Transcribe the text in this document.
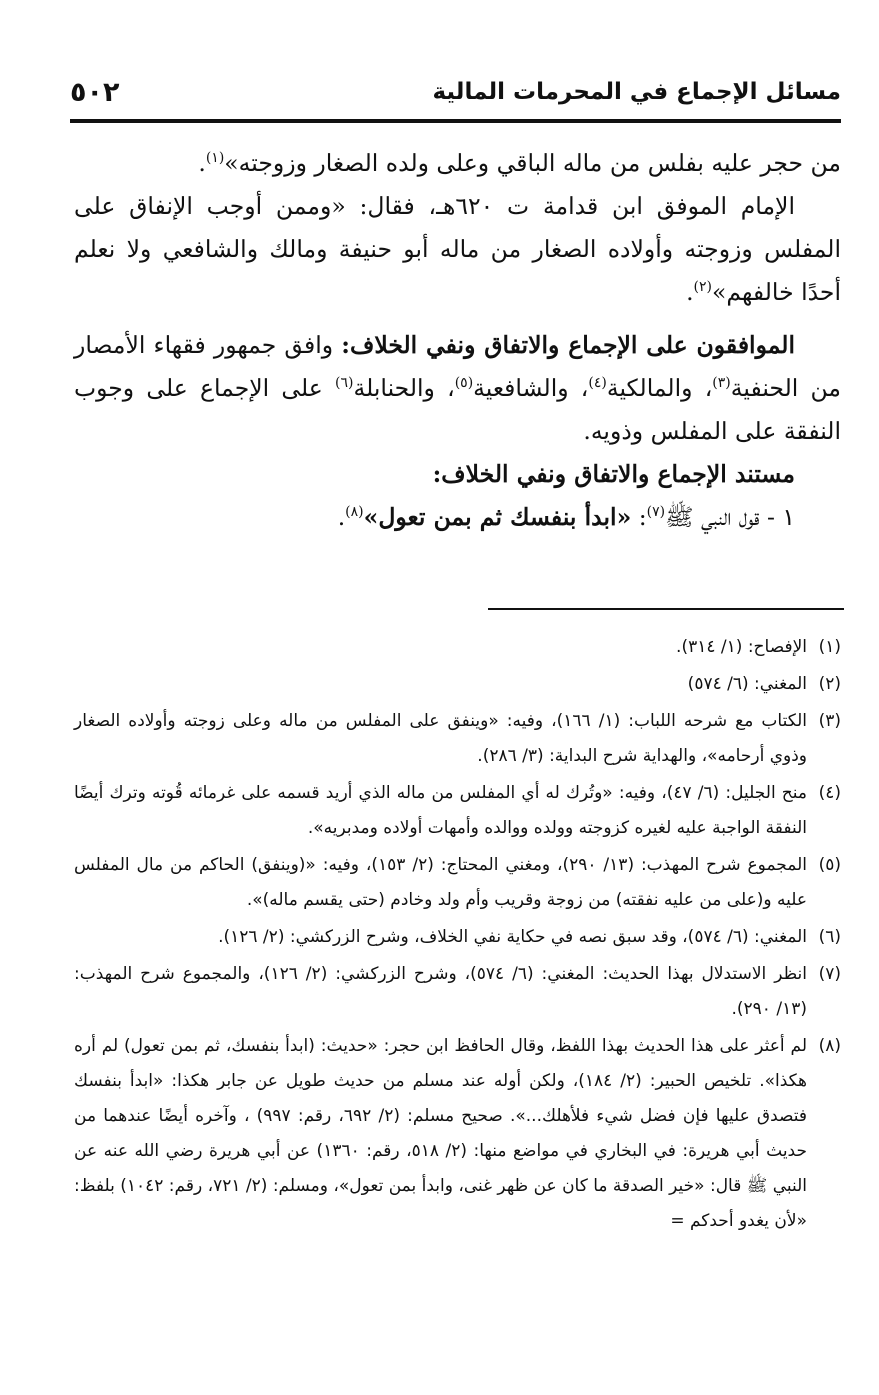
مسائل الإجماع في المحرمات المالية
٥٠٢

من حجر عليه بفلس من ماله الباقي وعلى ولده الصغار وزوجته»$^{(١)}$.

الإمام الموفق ابن قدامة ت ٦٢٠هـ، فقال: «وممن أوجب الإنفاق على المفلس وزوجته وأولاده الصغار من ماله أبو حنيفة ومالك والشافعي ولا نعلم أحدًا خالفهم»$^{(٢)}$.

الموافقون على الإجماع والاتفاق ونفي الخلاف: وافق جمهور فقهاء الأمصار من الحنفية$^{(٣)}$، والمالكية$^{(٤)}$، والشافعية$^{(٥)}$، والحنابلة$^{(٦)}$ على الإجماع على وجوب النفقة على المفلس وذويه.

مستند الإجماع والاتفاق ونفي الخلاف:

١ - قول النبي ﷺ$^{(٧)}$: «ابدأ بنفسك ثم بمن تعول»$^{(٨)}$.

(١)
الإفصاح: (١/ ٣١٤).
(٢)
المغني: (٦/ ٥٧٤)
(٣)
الكتاب مع شرحه اللباب: (١/ ١٦٦)، وفيه: «وينفق على المفلس من ماله وعلى زوجته وأولاده الصغار وذوي أرحامه»، والهداية شرح البداية: (٣/ ٢٨٦).
(٤)
منح الجليل: (٦/ ٤٧)، وفيه: «وتُرك له أي المفلس من ماله الذي أريد قسمه على غرمائه قُوته وترك أيضًا النفقة الواجبة عليه لغيره كزوجته وولده ووالده وأمهات أولاده ومدبريه».
(٥)
المجموع شرح المهذب: (١٣/ ٢٩٠)، ومغني المحتاج: (٢/ ١٥٣)، وفيه: «(وينفق) الحاكم من مال المفلس عليه و(على من عليه نفقته) من زوجة وقريب وأم ولد وخادم (حتى يقسم ماله)».
(٦)
المغني: (٦/ ٥٧٤)، وقد سبق نصه في حكاية نفي الخلاف، وشرح الزركشي: (٢/ ١٢٦).
(٧)
انظر الاستدلال بهذا الحديث: المغني: (٦/ ٥٧٤)، وشرح الزركشي: (٢/ ١٢٦)، والمجموع شرح المهذب: (١٣/ ٢٩٠).
(٨)
لم أعثر على هذا الحديث بهذا اللفظ، وقال الحافظ ابن حجر: «حديث: (ابدأ بنفسك، ثم بمن تعول) لم أره هكذا». تلخيص الحبير: (٢/ ١٨٤)، ولكن أوله عند مسلم من حديث طويل عن جابر هكذا: «ابدأ بنفسك فتصدق عليها فإن فضل شيء فلأهلك...». صحيح مسلم: (٢/ ٦٩٢، رقم: ٩٩٧) ، وآخره أيضًا عندهما من حديث أبي هريرة: في البخاري في مواضع منها: (٢/ ٥١٨، رقم: ١٣٦٠) عن أبي هريرة رضي الله عنه عن النبي ﷺ قال: «خير الصدقة ما كان عن ظهر غنى، وابدأ بمن تعول»، ومسلم: (٢/ ٧٢١، رقم: ١٠٤٢) بلفظ: «لأن يغدو أحدكم =
